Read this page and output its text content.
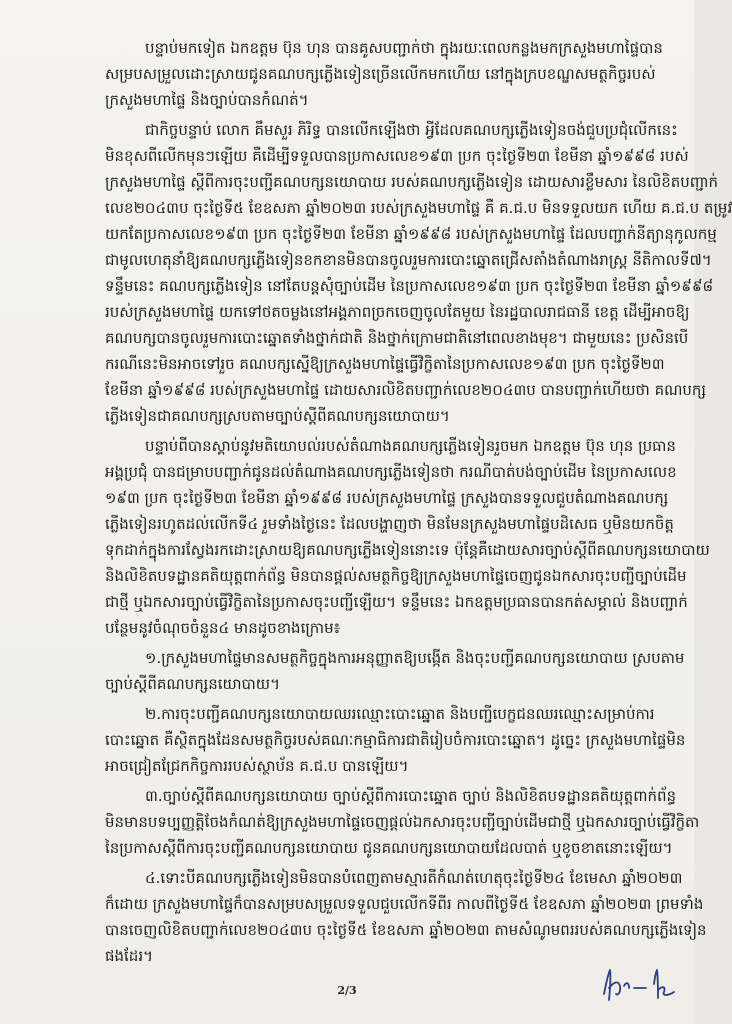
បន្ទាប់មកទៀត ឯកឧត្តម ប៊ុន ហុន បានគូសបញ្ជាក់ថា ក្នុងរយៈពេលកន្លងមកក្រសួងមហាផ្ទៃបាន
សម្របសម្រួលដោះស្រាយជូនគណបក្សភ្លើងទៀនច្រើនលើកមកហើយ នៅក្នុងក្របខណ្ឌសមត្ថកិច្ចរបស់
ក្រសួងមហាផ្ទៃ និងច្បាប់បានកំណត់។
ជាកិច្ចបន្ទាប់ លោក គឹមសួរ ភិរិទ្ធ បានលើកឡើងថា អ្វីដែលគណបក្សភ្លើងទៀនចង់ជួបប្រជុំលើកនេះ
មិនខុសពីលើកមុនៗឡើយ គឺដើម្បីទទួលបានប្រកាសលេខ១៩៣ ប្រក ចុះថ្ងៃទី២៣ ខែមីនា ឆ្នាំ១៩៩៨ របស់
ក្រសួងមហាផ្ទៃ ស្ដីពីការចុះបញ្ជីគណបក្សនយោបាយ របស់គណបក្សភ្លើងទៀន ដោយសារខ្លឹមសារ នៃលិខិតបញ្ជាក់
លេខ២០៤៣ប ចុះថ្ងៃទី៥ ខែឧសភា ឆ្នាំ២០២៣ របស់ក្រសួងមហាផ្ទៃ គឺ គ.ជ.ប មិនទទួលយក ហើយ គ.ជ.ប តម្រូវ
យកតែប្រកាសលេខ១៩៣ ប្រក ចុះថ្ងៃទី២៣ ខែមីនា ឆ្នាំ១៩៩៨ របស់ក្រសួងមហាផ្ទៃ ដែលបញ្ជាក់នីត្យានុកូលកម្ម
ជាមូលហេតុនាំឱ្យគណបក្សភ្លើងទៀនខកខានមិនបានចូលរួមការបោះឆ្នោតជ្រើសតាំងតំណាងរាស្ត្រ នីតិកាលទី៧។
ទន្ទឹមនេះ គណបក្សភ្លើងទៀន នៅតែបន្តសុំច្បាប់ដើម នៃប្រកាសលេខ១៩៣ ប្រក ចុះថ្ងៃទី២៣ ខែមីនា ឆ្នាំ១៩៩៨
របស់ក្រសួងមហាផ្ទៃ យកទៅថតចម្លងនៅអង្គភាពច្រកចេញចូលតែមួយ នៃរដ្ឋបាលរាជធានី ខេត្ត ដើម្បីអាចឱ្យ
គណបក្សបានចូលរួមការបោះឆ្នោតទាំងថ្នាក់ជាតិ និងថ្នាក់ក្រោមជាតិនៅពេលខាងមុខ។ ជាមួយនេះ ប្រសិនបើ
ករណីនេះមិនអាចទៅរួច គណបក្សស្នើឱ្យក្រសួងមហាផ្ទៃធ្វើវិក្ខិតានៃប្រកាសលេខ១៩៣ ប្រក ចុះថ្ងៃទី២៣
ខែមីនា ឆ្នាំ១៩៩៨ របស់ក្រសួងមហាផ្ទៃ ដោយសារលិខិតបញ្ជាក់លេខ២០៤៣ប បានបញ្ជាក់ហើយថា គណបក្ស
ភ្លើងទៀនជាគណបក្សស្របតាមច្បាប់ស្ដីពីគណបក្សនយោបាយ។
បន្ទាប់ពីបានស្ដាប់នូវមតិយោបល់របស់តំណាងគណបក្សភ្លើងទៀនរួចមក ឯកឧត្តម ប៊ុន ហុន ប្រធាន
អង្គប្រជុំ បានជម្រាបបញ្ជាក់ជូនដល់តំណាងគណបក្សភ្លើងទៀនថា ករណីបាត់បង់ច្បាប់ដើម នៃប្រកាសលេខ
១៩៣ ប្រក ចុះថ្ងៃទី២៣ ខែមីនា ឆ្នាំ១៩៩៨ របស់ក្រសួងមហាផ្ទៃ ក្រសួងបានទទួលជួបតំណាងគណបក្ស
ភ្លើងទៀនរហូតដល់លើកទី៤ រួមទាំងថ្ងៃនេះ ដែលបង្ហាញថា មិនមែនក្រសួងមហាផ្ទៃបដិសេធ ឬមិនយកចិត្ត
ទុកដាក់ក្នុងការស្វែងរកដោះស្រាយឱ្យគណបក្សភ្លើងទៀននោះទេ ប៉ុន្តែគឺដោយសារច្បាប់ស្ដីពីគណបក្សនយោបាយ
និងលិខិតបទដ្ឋានគតិយុត្តពាក់ព័ន្ធ មិនបានផ្ដល់សមត្ថកិច្ចឱ្យក្រសួងមហាផ្ទៃចេញជូនឯកសារចុះបញ្ជីច្បាប់ដើម
ជាថ្មី ឬឯកសារច្បាប់ធ្វើវិក្ខិតានៃប្រកាសចុះបញ្ជីឡើយ។ ទន្ទឹមនេះ ឯកឧត្តមប្រធានបានកត់សម្គាល់ និងបញ្ជាក់
បន្ថែមនូវចំណុចចំនួន៤ មានដូចខាងក្រោម៖
១.ក្រសួងមហាផ្ទៃមានសមត្ថកិច្ចក្នុងការអនុញ្ញាតឱ្យបង្កើត និងចុះបញ្ជីគណបក្សនយោបាយ ស្របតាម
ច្បាប់ស្ដីពីគណបក្សនយោបាយ។
២.ការចុះបញ្ជីគណបក្សនយោបាយឈរឈ្មោះបោះឆ្នោត និងបញ្ជីបេក្ខជនឈរឈ្មោះសម្រាប់ការ
បោះឆ្នោត គឺស្ថិតក្នុងដែនសមត្ថកិច្ចរបស់គណៈកម្មាធិការជាតិរៀបចំការបោះឆ្នោត។ ដូច្នេះ ក្រសួងមហាផ្ទៃមិន
អាចជ្រៀតជ្រែកកិច្ចការរបស់ស្ថាប័ន គ.ជ.ប បានឡើយ។
៣.ច្បាប់ស្ដីពីគណបក្សនយោបាយ ច្បាប់ស្ដីពីការបោះឆ្នោត ច្បាប់ និងលិខិតបទដ្ឋានគតិយុត្តពាក់ព័ន្ធ
មិនមានបទប្បញ្ញត្តិចែងកំណត់ឱ្យក្រសួងមហាផ្ទៃចេញផ្ដល់ឯកសារចុះបញ្ជីច្បាប់ដើមជាថ្មី ឬឯកសារច្បាប់ធ្វើវិក្ខិតា
នៃប្រកាសស្ដីពីការចុះបញ្ជីគណបក្សនយោបាយ ជូនគណបក្សនយោបាយដែលបាត់ ឬខូចខាតនោះឡើយ។
៤.ទោះបីគណបក្សភ្លើងទៀនមិនបានបំពេញតាមស្មារតីកំណត់ហេតុចុះថ្ងៃទី២៤ ខែមេសា ឆ្នាំ២០២៣
ក៏ដោយ ក្រសួងមហាផ្ទៃក៏បានសម្របសម្រួលទទួលជួបលើកទីពីរ កាលពីថ្ងៃទី៥ ខែឧសភា ឆ្នាំ២០២៣ ព្រមទាំង
បានចេញលិខិតបញ្ជាក់លេខ២០៤៣ប ចុះថ្ងៃទី៥ ខែឧសភា ឆ្នាំ២០២៣ តាមសំណូមពររបស់គណបក្សភ្លើងទៀន
ផងដែរ។
2/3
